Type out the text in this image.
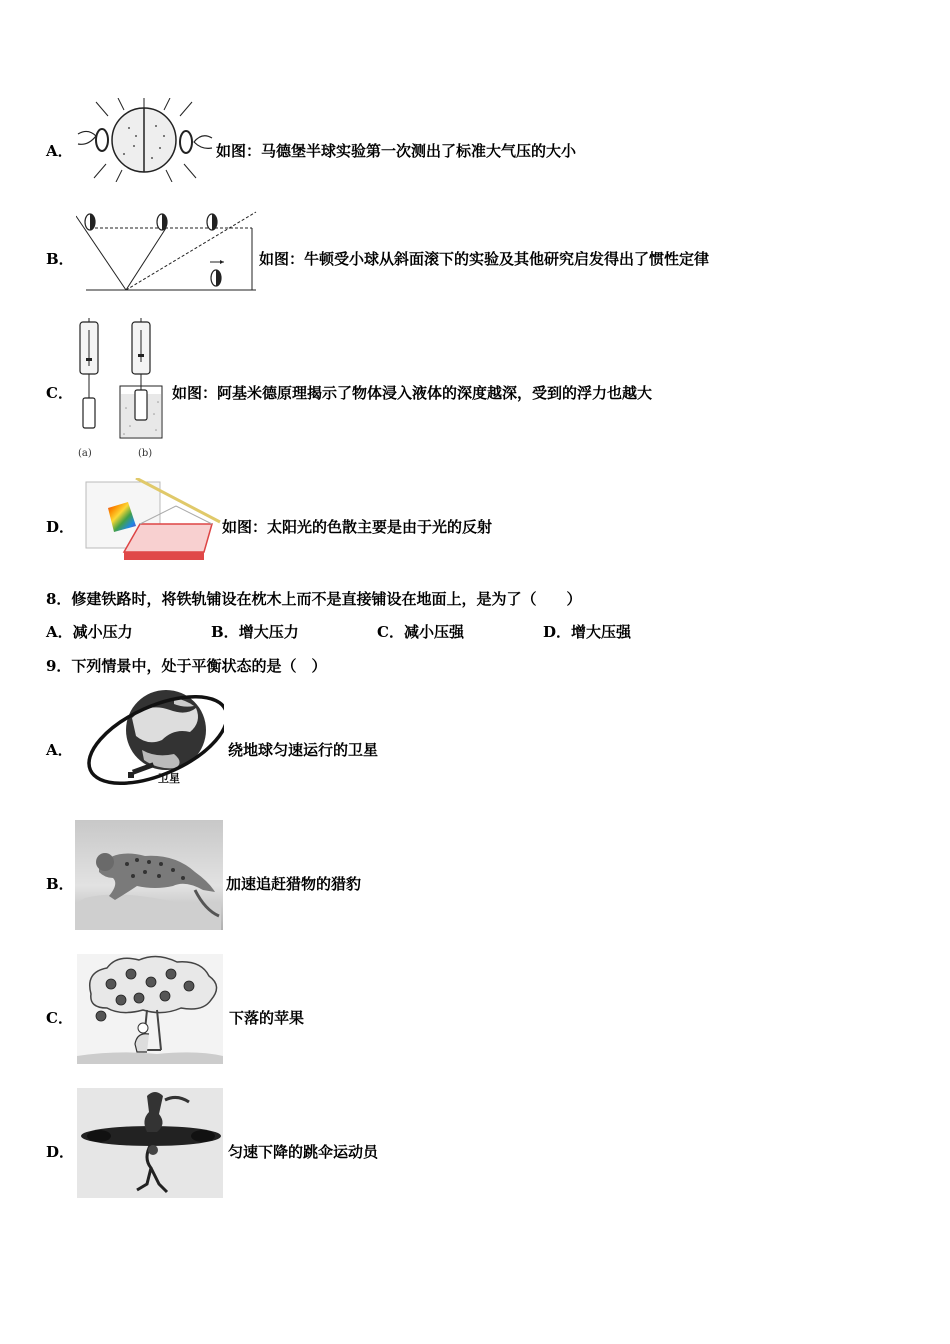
A．	如图：马德堡半球实验第一次测出了标准大气压的大小
B．	如图：牛顿受小球从斜面滚下的实验及其他研究启发得出了惯性定律
C．
(a)	(b)
如图：阿基米德原理揭示了物体浸入液体的深度越深，受到的浮力也越大
D．	如图：太阳光的色散主要是由于光的反射
8．修建铁路时，将铁轨铺设在枕木上而不是直接铺设在地面上，是为了（　　）
A．减小压力	B．增大压力	C．减小压强	D．增大压强
9．下列情景中，处于平衡状态的是（　）
A．
卫星
绕地球匀速运行的卫星
B．	加速追赶猎物的猎豹
C．	下落的苹果
D．	匀速下降的跳伞运动员
